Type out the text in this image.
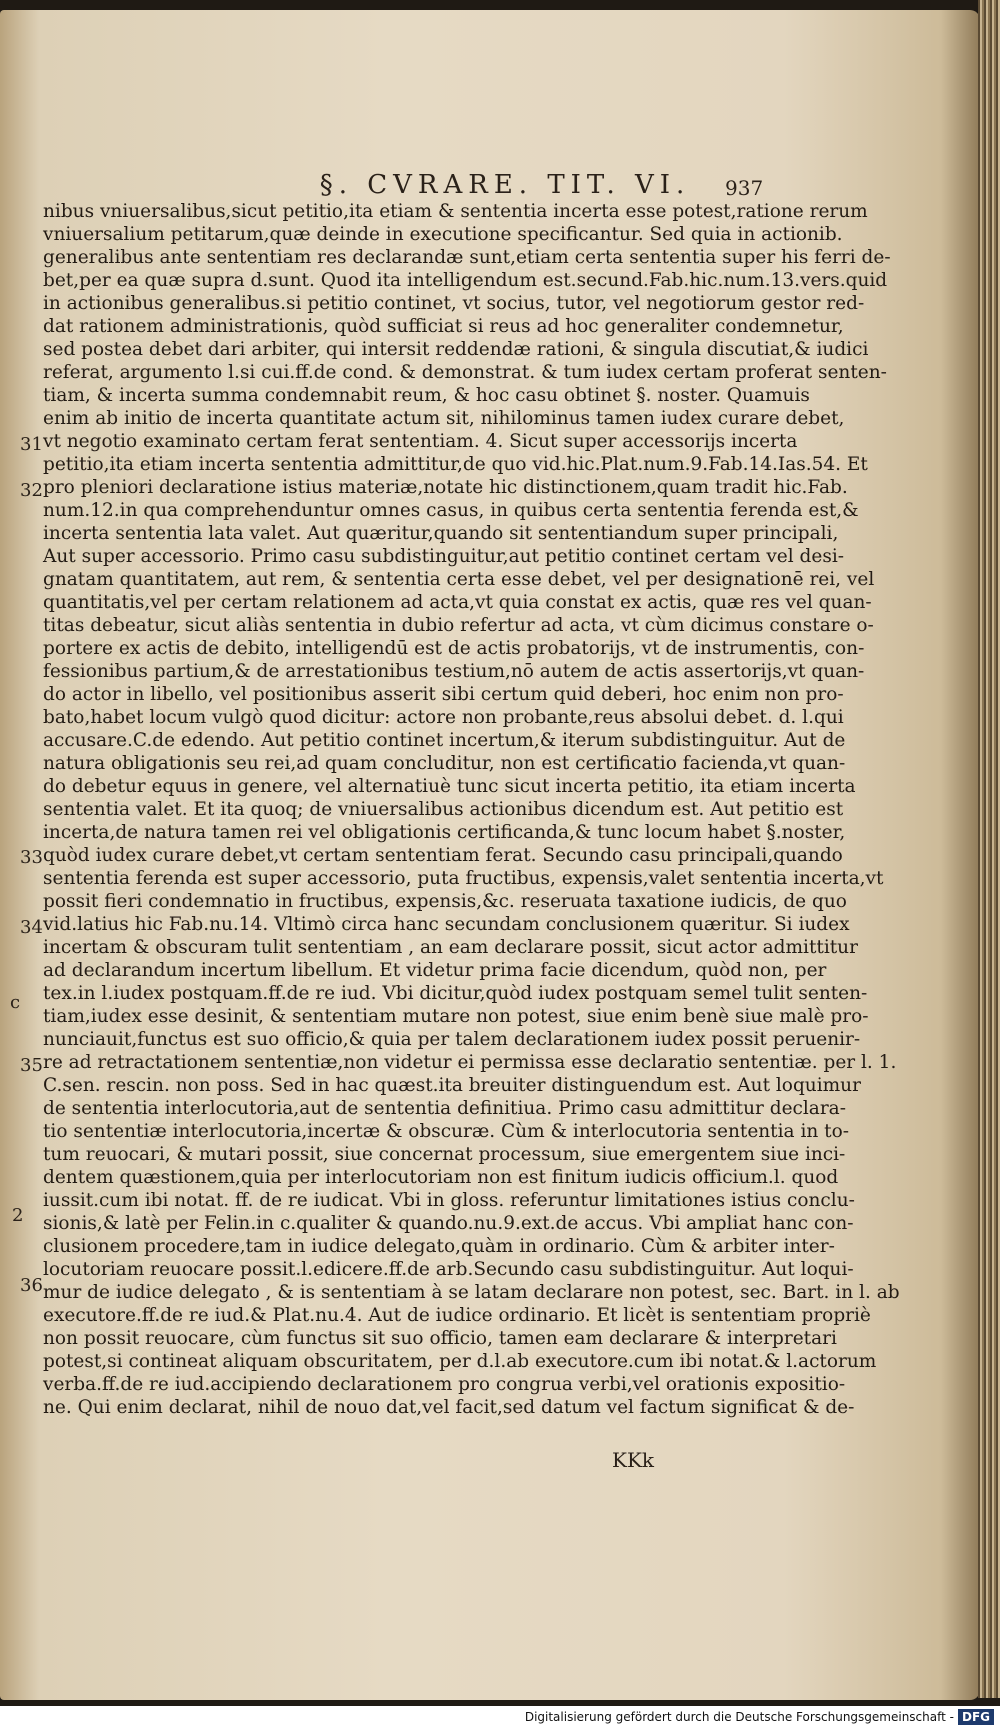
§. CVRARE. TIT. VI.	937
nibus vniuersalibus,sicut petitio,ita etiam & sententia incerta esse potest,ratione rerum
vniuersalium petitarum,quæ deinde in executione specificantur. Sed quia in actionib.
generalibus ante sententiam res declarandæ sunt,etiam certa sententia super his ferri de-
bet,per ea quæ supra d.sunt. Quod ita intelligendum est.secund.Fab.hic.num.13.vers.quid
in actionibus generalibus.si petitio continet, vt socius, tutor, vel negotiorum gestor red-
dat rationem administrationis, quòd sufficiat si reus ad hoc generaliter condemnetur,
sed postea debet dari arbiter, qui intersit reddendæ rationi, & singula discutiat,& iudici
referat, argumento l.si cui.ff.de cond. & demonstrat. & tum iudex certam proferat senten-
tiam, & incerta summa condemnabit reum, & hoc casu obtinet §. noster. Quamuis
enim ab initio de incerta quantitate actum sit, nihilominus tamen iudex curare debet,
vt negotio examinato certam ferat sententiam. 4. Sicut super accessorijs incerta
petitio,ita etiam incerta sententia admittitur,de quo vid.hic.Plat.num.9.Fab.14.Ias.54. Et
pro pleniori declaratione istius materiæ,notate hic distinctionem,quam tradit hic.Fab.
num.12.in qua comprehenduntur omnes casus, in quibus certa sententia ferenda est,&
incerta sententia lata valet. Aut quæritur,quando sit sententiandum super principali,
Aut super accessorio. Primo casu subdistinguitur,aut petitio continet certam vel desi-
gnatam quantitatem, aut rem, & sententia certa esse debet, vel per designationē rei, vel
quantitatis,vel per certam relationem ad acta,vt quia constat ex actis, quæ res vel quan-
titas debeatur, sicut aliàs sententia in dubio refertur ad acta, vt cùm dicimus constare o-
portere ex actis de debito, intelligendū est de actis probatorijs, vt de instrumentis, con-
fessionibus partium,& de arrestationibus testium,nō autem de actis assertorijs,vt quan-
do actor in libello, vel positionibus asserit sibi certum quid deberi, hoc enim non pro-
bato,habet locum vulgò quod dicitur: actore non probante,reus absolui debet. d. l.qui
accusare.C.de edendo. Aut petitio continet incertum,& iterum subdistinguitur. Aut de
natura obligationis seu rei,ad quam concluditur, non est certificatio facienda,vt quan-
do debetur equus in genere, vel alternatiuè tunc sicut incerta petitio, ita etiam incerta
sententia valet. Et ita quoq; de vniuersalibus actionibus dicendum est. Aut petitio est
incerta,de natura tamen rei vel obligationis certificanda,& tunc locum habet §.noster,
quòd iudex curare debet,vt certam sententiam ferat. Secundo casu principali,quando
sententia ferenda est super accessorio, puta fructibus, expensis,valet sententia incerta,vt
possit fieri condemnatio in fructibus, expensis,&c. reseruata taxatione iudicis, de quo
vid.latius hic Fab.nu.14. Vltimò circa hanc secundam conclusionem quæritur. Si iudex
incertam & obscuram tulit sententiam , an eam declarare possit, sicut actor admittitur
ad declarandum incertum libellum. Et videtur prima facie dicendum, quòd non, per
tex.in l.iudex postquam.ff.de re iud. Vbi dicitur,quòd iudex postquam semel tulit senten-
tiam,iudex esse desinit, & sententiam mutare non potest, siue enim benè siue malè pro-
nunciauit,functus est suo officio,& quia per talem declarationem iudex possit peruenir-
re ad retractationem sententiæ,non videtur ei permissa esse declaratio sententiæ. per l. 1.
C.sen. rescin. non poss. Sed in hac quæst.ita breuiter distinguendum est. Aut loquimur
de sententia interlocutoria,aut de sententia definitiua. Primo casu admittitur declara-
tio sententiæ interlocutoria,incertæ & obscuræ. Cùm & interlocutoria sententia in to-
tum reuocari, & mutari possit, siue concernat processum, siue emergentem siue inci-
dentem quæstionem,quia per interlocutoriam non est finitum iudicis officium.l. quod
iussit.cum ibi notat. ff. de re iudicat. Vbi in gloss. referuntur limitationes istius conclu-
sionis,& latè per Felin.in c.qualiter & quando.nu.9.ext.de accus. Vbi ampliat hanc con-
clusionem procedere,tam in iudice delegato,quàm in ordinario. Cùm & arbiter inter-
locutoriam reuocare possit.l.edicere.ff.de arb.Secundo casu subdistinguitur. Aut loqui-
mur de iudice delegato , & is sententiam à se latam declarare non potest, sec. Bart. in l. ab
executore.ff.de re iud.& Plat.nu.4. Aut de iudice ordinario. Et licèt is sententiam propriè
non possit reuocare, cùm functus sit suo officio, tamen eam declarare & interpretari
potest,si contineat aliquam obscuritatem, per d.l.ab executore.cum ibi notat.& l.actorum
verba.ff.de re iud.accipiendo declarationem pro congrua verbi,vel orationis expositio-
ne. Qui enim declarat, nihil de nouo dat,vel facit,sed datum vel factum significat & de-
31
32
33
34
c
35
2
36
KKk
Digitalisierung gefördert durch die Deutsche Forschungsgemeinschaft - DFG
